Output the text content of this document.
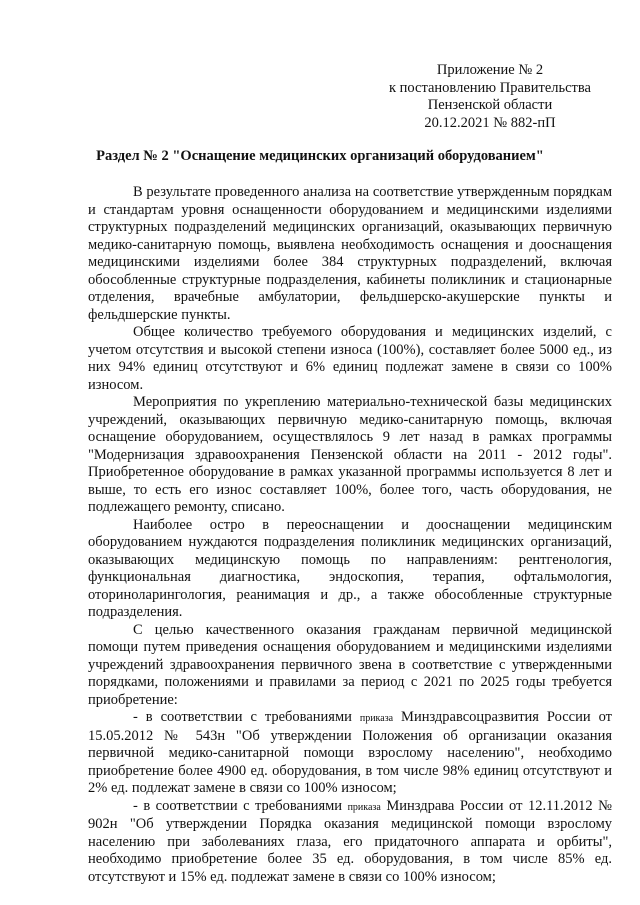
Приложение № 2
к постановлению Правительства
Пензенской области
20.12.2021 № 882-пП
Раздел № 2 "Оснащение медицинских организаций оборудованием"

В результате проведенного анализа на соответствие утвержденным порядкам и стандартам уровня оснащенности оборудованием и медицинскими изделиями структурных подразделений медицинских организаций, оказывающих первичную медико-санитарную помощь, выявлена необходимость оснащения и дооснащения медицинскими изделиями более 384 структурных подразделений, включая обособленные структурные подразделения, кабинеты поликлиник и стационарные отделения, врачебные амбулатории, фельдшерско-акушерские пункты и фельдшерские пункты.

Общее количество требуемого оборудования и медицинских изделий, с учетом отсутствия и высокой степени износа (100%), составляет более 5000 ед., из них 94% единиц отсутствуют и 6% единиц подлежат замене в связи со 100% износом.

Мероприятия по укреплению материально-технической базы медицинских учреждений, оказывающих первичную медико-санитарную помощь, включая оснащение оборудованием, осуществлялось 9 лет назад в рамках программы "Модернизация здравоохранения Пензенской области на 2011 - 2012 годы". Приобретенное оборудование в рамках указанной программы используется 8 лет и выше, то есть его износ составляет 100%, более того, часть оборудования, не подлежащего ремонту, списано.

Наиболее остро в переоснащении и дооснащении медицинским оборудованием нуждаются подразделения поликлиник медицинских организаций, оказывающих медицинскую помощь по направлениям: рентгенология, функциональная диагностика, эндоскопия, терапия, офтальмология, оториноларингология, реанимация и др., а также обособленные структурные подразделения.

С целью качественного оказания гражданам первичной медицинской помощи путем приведения оснащения оборудованием и медицинскими изделиями учреждений здравоохранения первичного звена в соответствие с утвержденными порядками, положениями и правилами за период с 2021 по 2025 годы требуется приобретение:

- в соответствии с требованиями приказа Минздравсоцразвития России от 15.05.2012 № 543н "Об утверждении Положения об организации оказания первичной медико-санитарной помощи взрослому населению", необходимо приобретение более 4900 ед. оборудования, в том числе 98% единиц отсутствуют и 2% ед. подлежат замене в связи со 100% износом;

- в соответствии с требованиями приказа Минздрава России от 12.11.2012 № 902н "Об утверждении Порядка оказания медицинской помощи взрослому населению при заболеваниях глаза, его придаточного аппарата и орбиты", необходимо приобретение более 35 ед. оборудования, в том числе 85% ед. отсутствуют и 15% ед. подлежат замене в связи со 100% износом;
